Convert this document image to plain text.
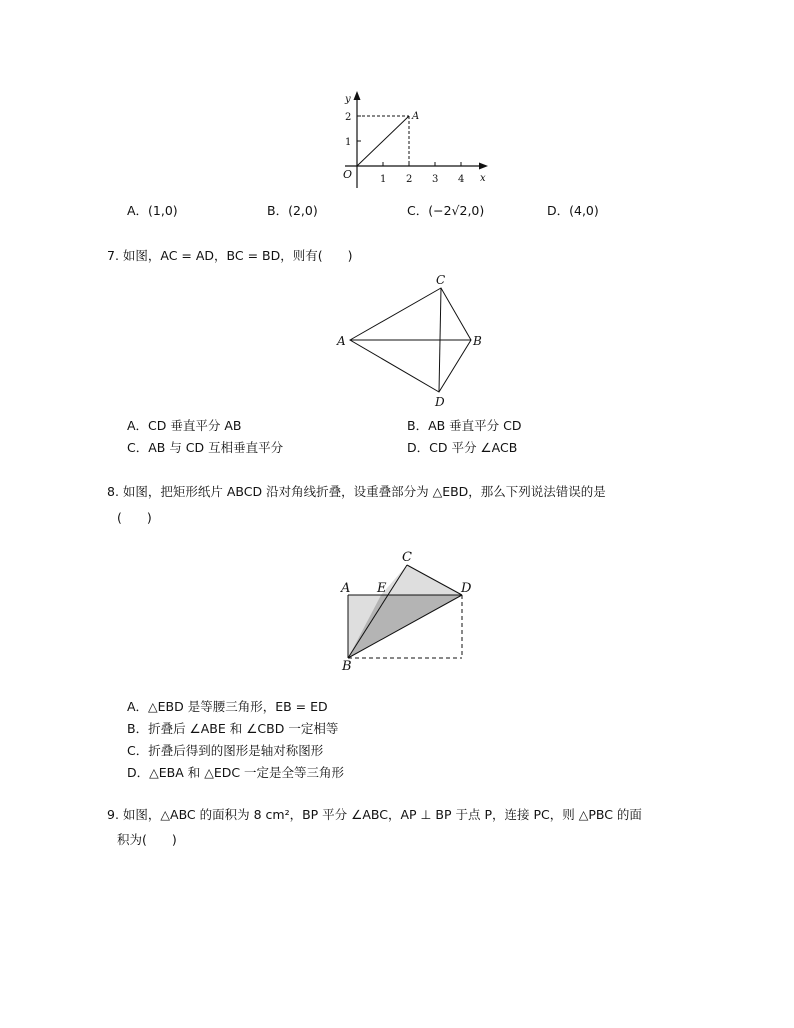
y
x
O
A
2
1
1 2 3 4
A．(1,0)	B．(2,0)	C．(−2√2,0)	D．(4,0)
7. 如图，AC = AD，BC = BD，则有(　　)
A	B
C
D
A．CD 垂直平分 AB	B．AB 垂直平分 CD
C．AB 与 CD 互相垂直平分	D．CD 平分 ∠ACB
8. 如图，把矩形纸片 ABCD 沿对角线折叠，设重叠部分为 △EBD，那么下列说法错误的是
(　　)
A
B
C
D
E
A．△EBD 是等腰三角形，EB = ED
B．折叠后 ∠ABE 和 ∠CBD 一定相等
C．折叠后得到的图形是轴对称图形
D．△EBA 和 △EDC 一定是全等三角形
9. 如图，△ABC 的面积为 8 cm²，BP 平分 ∠ABC，AP ⊥ BP 于点 P，连接 PC，则 △PBC 的面
积为(　　)
